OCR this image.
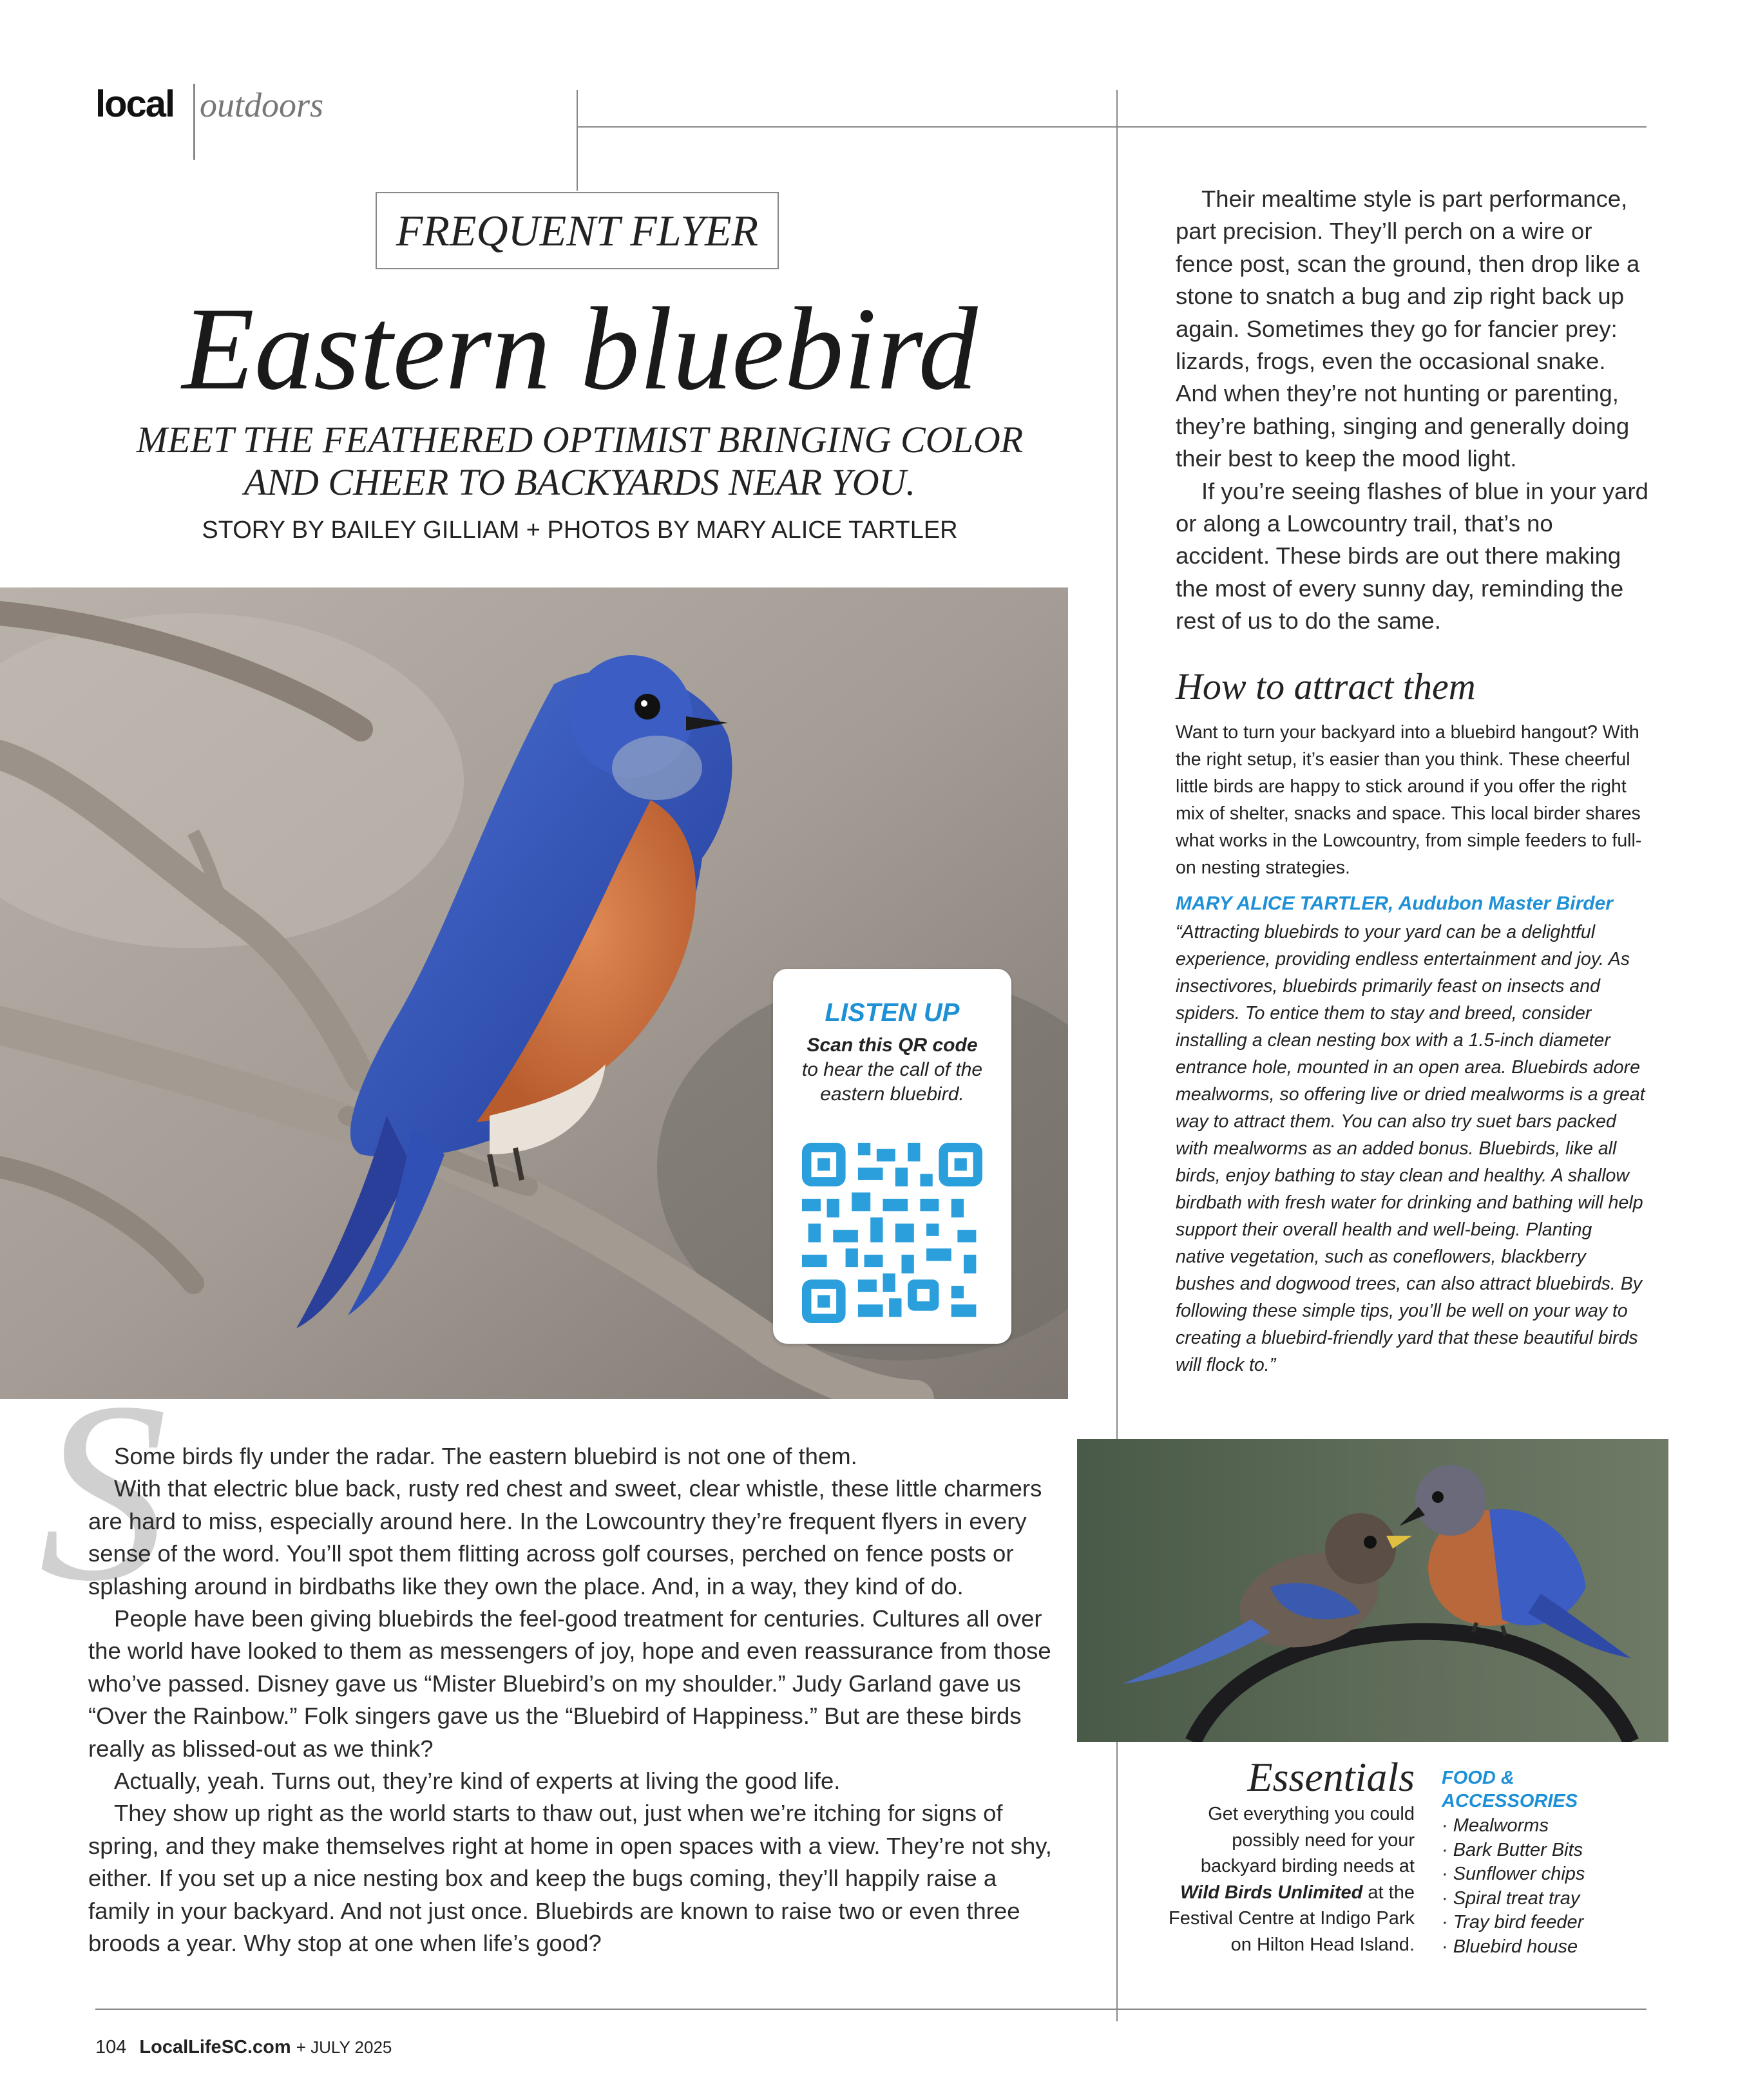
local outdoors
FREQUENT FLYER
Eastern bluebird
MEET THE FEATHERED OPTIMIST BRINGING COLOR
AND CHEER TO BACKYARDS NEAR YOU.
STORY BY BAILEY GILLIAM + PHOTOS BY MARY ALICE TARTLER
LISTEN UP
Scan this QR code to hear the call of the eastern bluebird.
S

Some birds fly under the radar. The eastern bluebird is not one of them.

With that electric blue back, rusty red chest and sweet, clear whistle, these little charmers are hard to miss, especially around here. In the Lowcountry they’re frequent flyers in every sense of the word. You’ll spot them flitting across golf courses, perched on fence posts or splashing around in birdbaths like they own the place. And, in a way, they kind of do.

People have been giving bluebirds the feel-good treatment for centuries. Cultures all over the world have looked to them as messengers of joy, hope and even reassurance from those who’ve passed. Disney gave us “Mister Bluebird’s on my shoulder.” Judy Garland gave us “Over the Rainbow.” Folk singers gave us the “Bluebird of Happiness.” But are these birds really as blissed-out as we think?

Actually, yeah. Turns out, they’re kind of experts at living the good life.

They show up right as the world starts to thaw out, just when we’re itching for signs of spring, and they make themselves right at home in open spaces with a view. They’re not shy, either. If you set up a nice nesting box and keep the bugs coming, they’ll happily raise a family in your backyard. And not just once. Bluebirds are known to raise two or even three broods a year. Why stop at one when life’s good?

Their mealtime style is part performance, part precision. They’ll perch on a wire or fence post, scan the ground, then drop like a stone to snatch a bug and zip right back up again. Sometimes they go for fancier prey: lizards, frogs, even the occasional snake. And when they’re not hunting or parenting, they’re bathing, singing and generally doing their best to keep the mood light.

If you’re seeing flashes of blue in your yard or along a Lowcountry trail, that’s no accident. These birds are out there making the most of every sunny day, reminding the rest of us to do the same.

How to attract them
Want to turn your backyard into a bluebird hangout? With the right setup, it’s easier than you think. These cheerful little birds are happy to stick around if you offer the right mix of shelter, snacks and space. This local birder shares what works in the Lowcountry, from simple feeders to full-on nesting strategies.
MARY ALICE TARTLER, Audubon Master Birder
“Attracting bluebirds to your yard can be a delightful experience, providing endless entertainment and joy. As insectivores, bluebirds primarily feast on insects and spiders. To entice them to stay and breed, consider installing a clean nesting box with a 1.5-inch diameter entrance hole, mounted in an open area. Bluebirds adore mealworms, so offering live or dried mealworms is a great way to attract them. You can also try suet bars packed with mealworms as an added bonus. Bluebirds, like all birds, enjoy bathing to stay clean and healthy. A shallow birdbath with fresh water for drinking and bathing will help support their overall health and well-being. Planting native vegetation, such as coneflowers, blackberry bushes and dogwood trees, can also attract bluebirds. By following these simple tips, you’ll be well on your way to creating a bluebird-friendly yard that these beautiful birds will flock to.”
Essentials
Get everything you could possibly need for your backyard birding needs at Wild Birds Unlimited at the Festival Centre at Indigo Park on Hilton Head Island.
FOOD & ACCESSORIES
· Mealworms
· Bark Butter Bits
· Sunflower chips
· Spiral treat tray
· Tray bird feeder
· Bluebird house
104 LocalLifeSC.com + JULY 2025
